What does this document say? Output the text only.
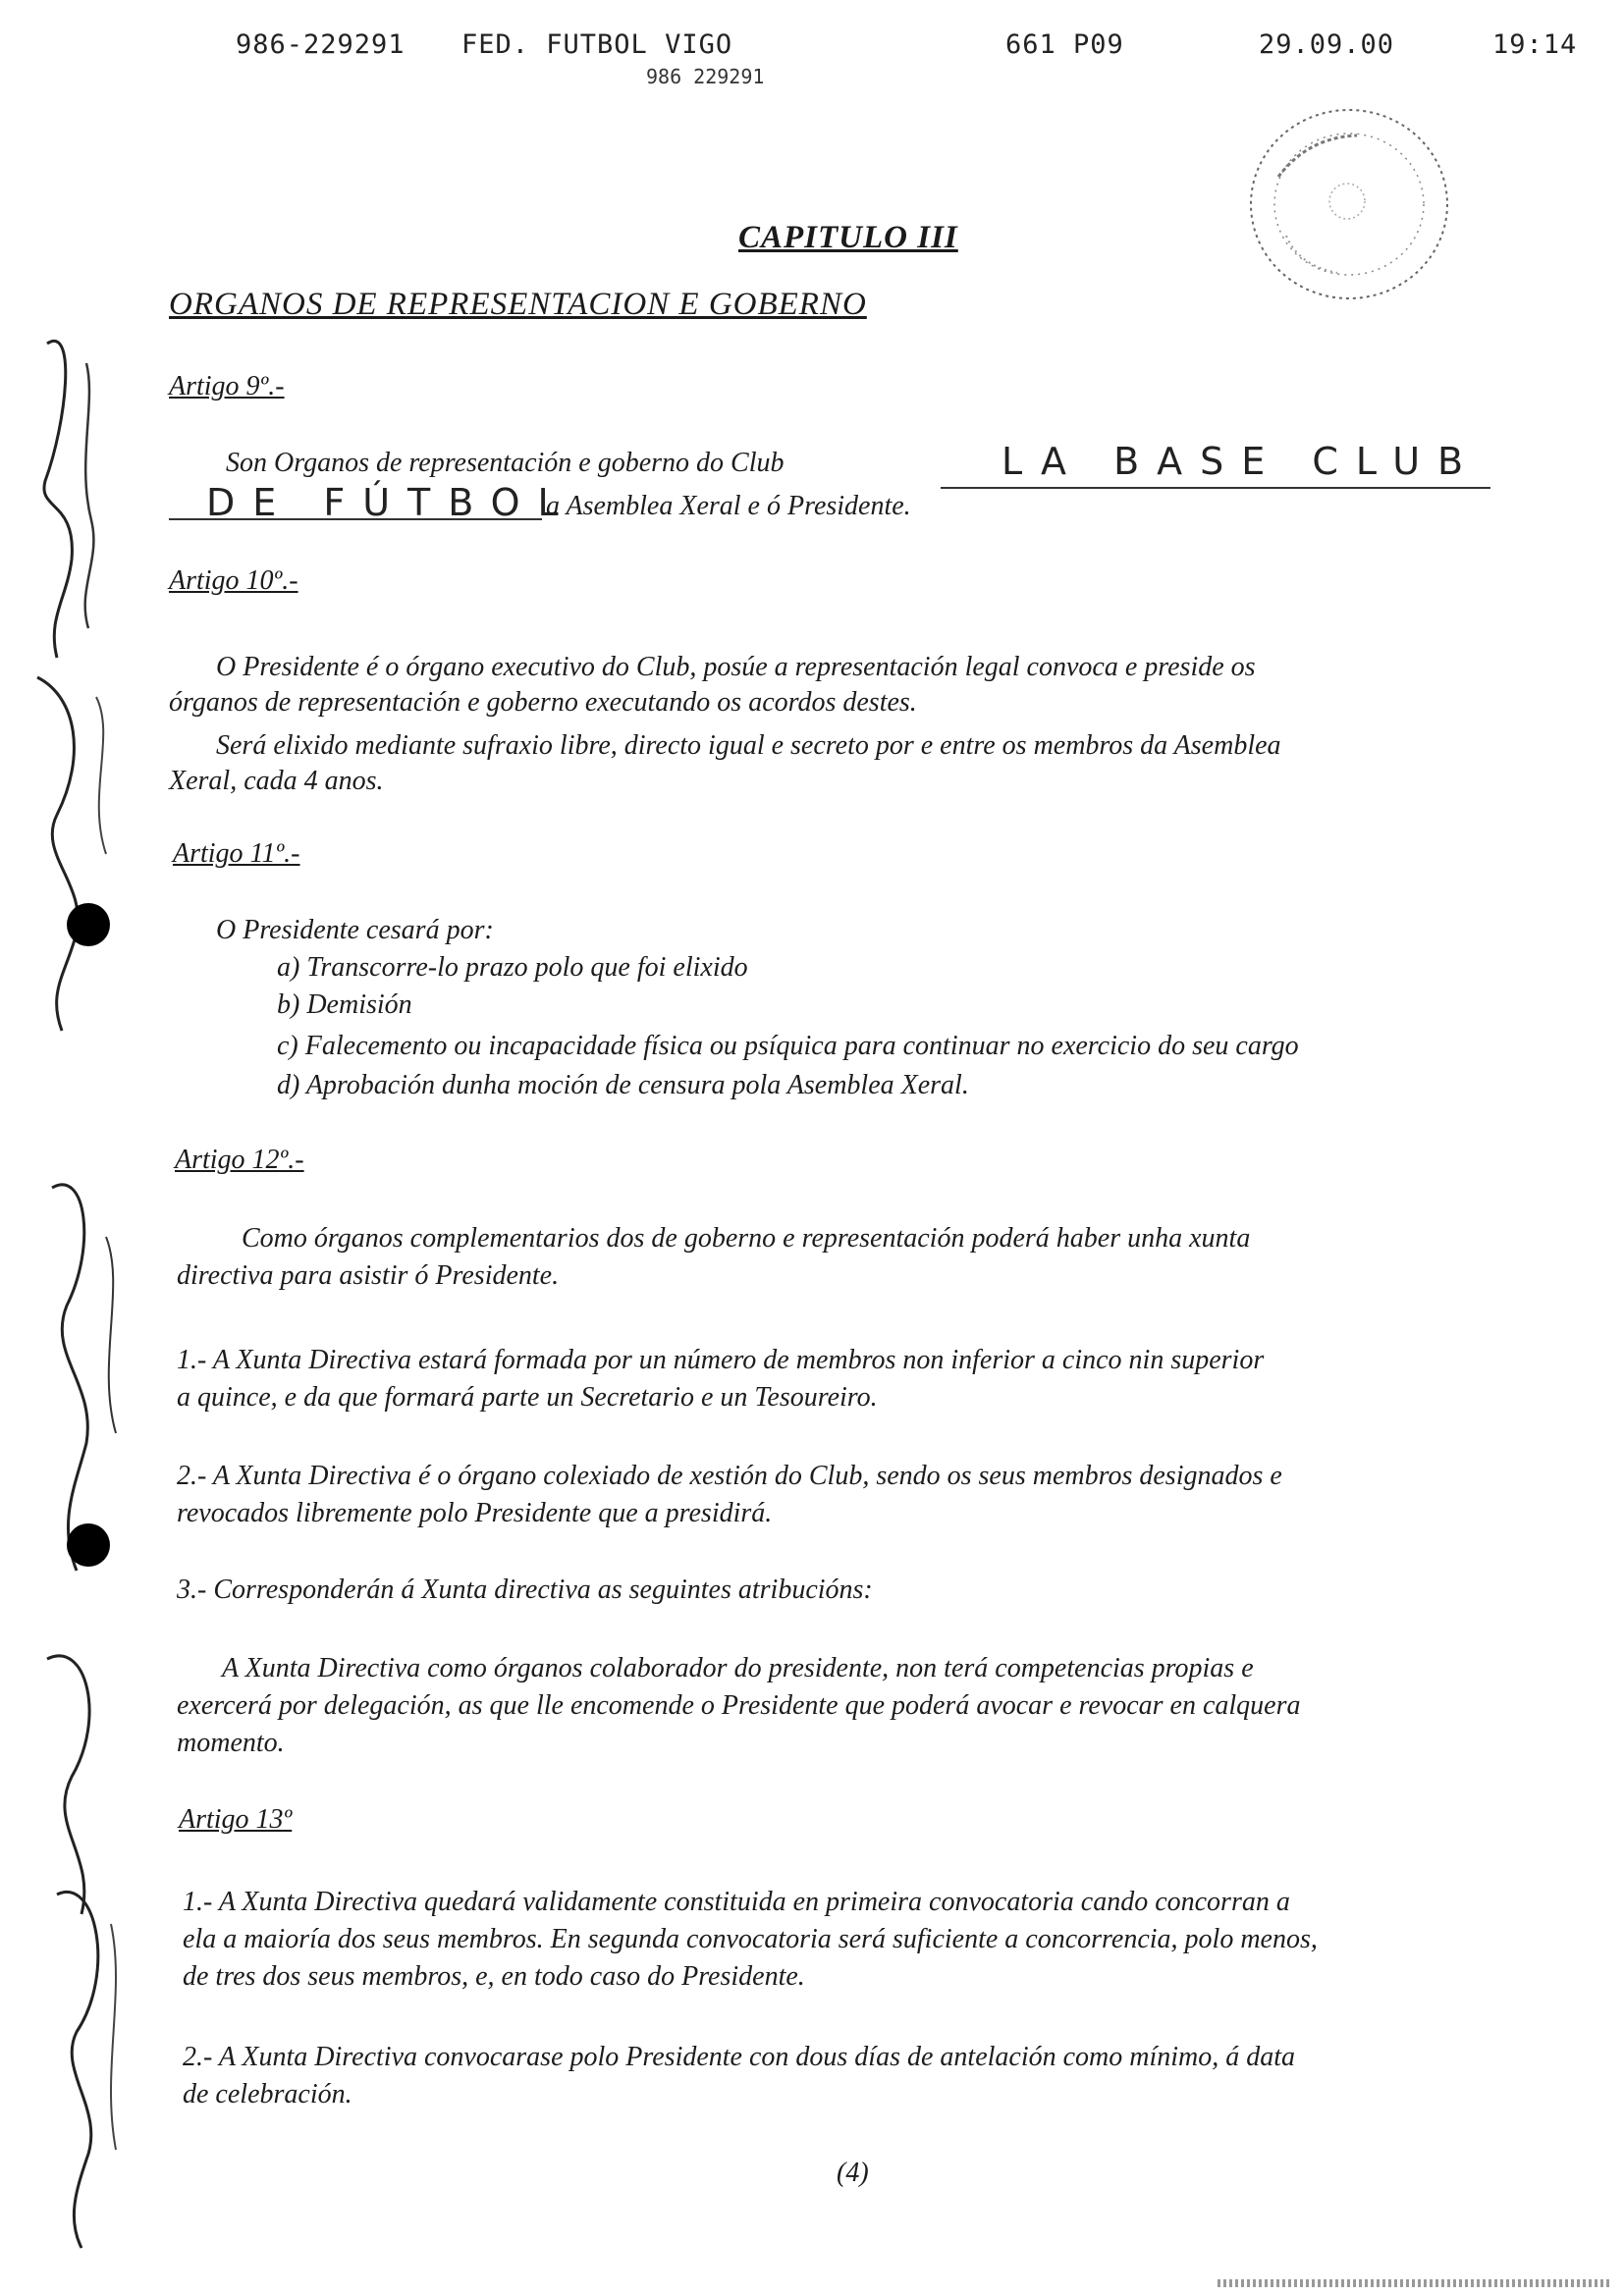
986-229291 FED. FUTBOL VIGO	661 P09	29.09.00	19:14
986 229291
CAPITULO III
ORGANOS DE REPRESENTACION E GOBERNO
Artigo 9º.-
Son Organos de representación e goberno do Club	LA BASE CLUB
DE FÚTBOL
a Asemblea Xeral e ó Presidente.
Artigo 10º.-
O Presidente é o órgano executivo do Club, posúe a representación legal convoca e preside os
órganos de representación e goberno executando os acordos destes.
Será elixido mediante sufraxio libre, directo igual e secreto por e entre os membros da Asemblea
Xeral, cada 4 anos.
Artigo 11º.-
O Presidente cesará por:
a) Transcorre-lo prazo polo que foi elixido
b) Demisión
c) Falecemento ou incapacidade física ou psíquica para continuar no exercicio do seu cargo
d) Aprobación dunha moción de censura pola Asemblea Xeral.
Artigo 12º.-
Como órganos complementarios dos de goberno e representación poderá haber unha xunta
directiva para asistir ó Presidente.
1.- A Xunta Directiva estará formada por un número de membros non inferior a cinco nin superior
a quince, e da que formará parte un Secretario e un Tesoureiro.
2.- A Xunta Directiva é o órgano colexiado de xestión do Club, sendo os seus membros designados e
revocados libremente polo Presidente que a presidirá.
3.- Corresponderán á Xunta directiva as seguintes atribucións:
A Xunta Directiva como órganos colaborador do presidente, non terá competencias propias e
exercerá por delegación, as que lle encomende o Presidente que poderá avocar e revocar en calquera
momento.
Artigo 13º
1.- A Xunta Directiva quedará validamente constituida en primeira convocatoria cando concorran a
ela a maioría dos seus membros. En segunda convocatoria será suficiente a concorrencia, polo menos,
de tres dos seus membros, e, en todo caso do Presidente.
2.- A Xunta Directiva convocarase polo Presidente con dous días de antelación como mínimo, á data
de celebración.
(4)
